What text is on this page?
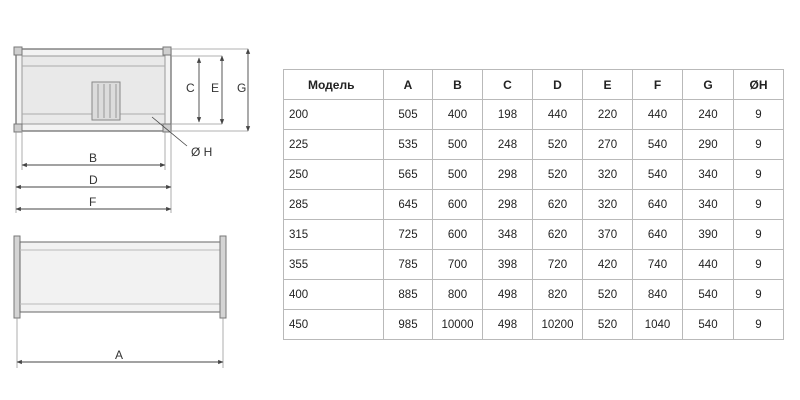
C E G
Ø H
B
D
F
A
Модель	A	B	C	D	E	F	G	ØH
200	505	400	198	440	220	440	240	9
225	535	500	248	520	270	540	290	9
250	565	500	298	520	320	540	340	9
285	645	600	298	620	320	640	340	9
315	725	600	348	620	370	640	390	9
355	785	700	398	720	420	740	440	9
400	885	800	498	820	520	840	540	9
450	985	10000	498	10200	520	1040	540	9
